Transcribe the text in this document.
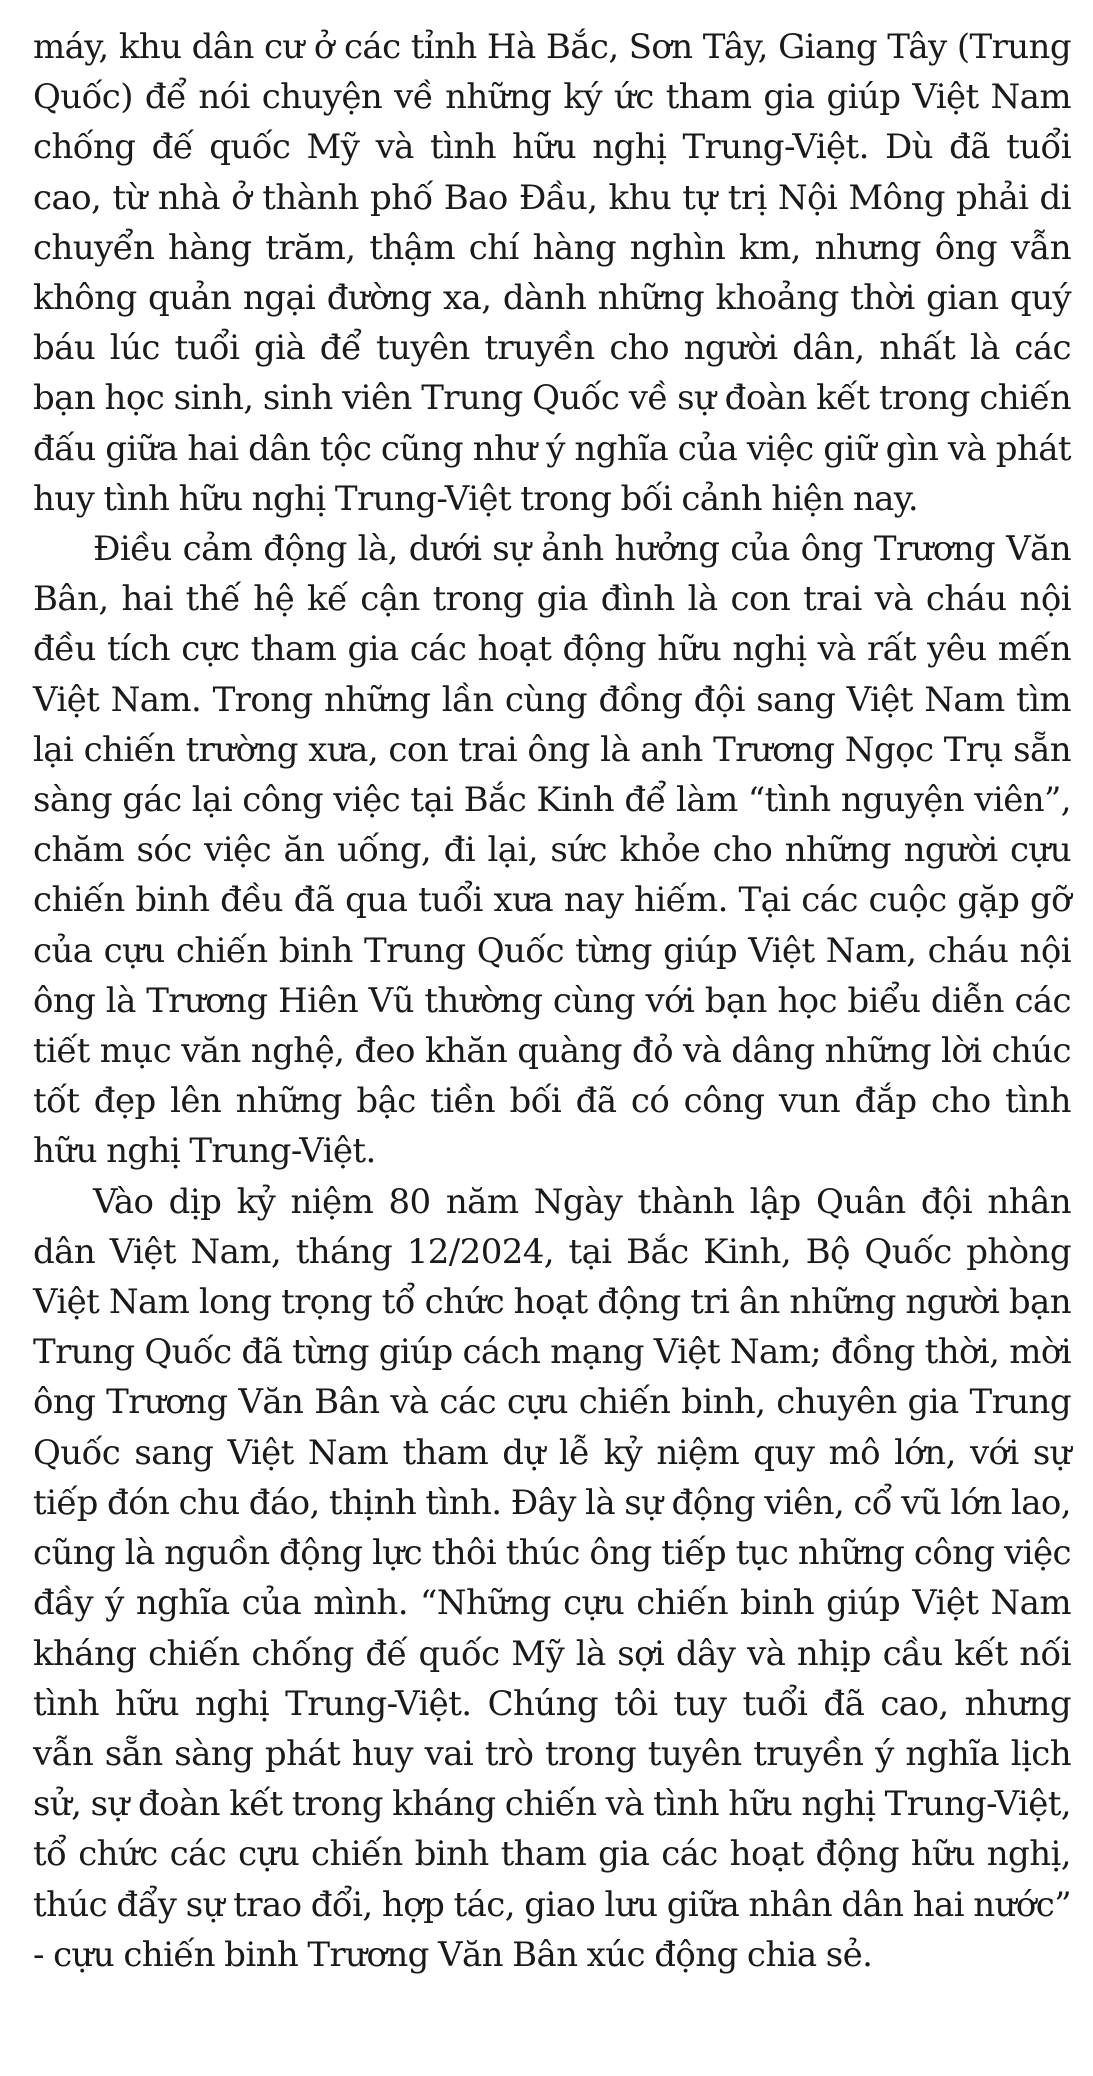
máy, khu dân cư ở các tỉnh Hà Bắc, Sơn Tây, Giang Tây (Trung Quốc) để nói chuyện về những ký ức tham gia giúp Việt Nam chống đế quốc Mỹ và tình hữu nghị Trung-Việt. Dù đã tuổi cao, từ nhà ở thành phố Bao Đầu, khu tự trị Nội Mông phải di chuyển hàng trăm, thậm chí hàng nghìn km, nhưng ông vẫn không quản ngại đường xa, dành những khoảng thời gian quý báu lúc tuổi già để tuyên truyền cho người dân, nhất là các bạn học sinh, sinh viên Trung Quốc về sự đoàn kết trong chiến đấu giữa hai dân tộc cũng như ý nghĩa của việc giữ gìn và phát huy tình hữu nghị Trung-Việt trong bối cảnh hiện nay.

Điều cảm động là, dưới sự ảnh hưởng của ông Trương Văn Bân, hai thế hệ kế cận trong gia đình là con trai và cháu nội đều tích cực tham gia các hoạt động hữu nghị và rất yêu mến Việt Nam. Trong những lần cùng đồng đội sang Việt Nam tìm lại chiến trường xưa, con trai ông là anh Trương Ngọc Trụ sẵn sàng gác lại công việc tại Bắc Kinh để làm “tình nguyện viên”, chăm sóc việc ăn uống, đi lại, sức khỏe cho những người cựu chiến binh đều đã qua tuổi xưa nay hiếm. Tại các cuộc gặp gỡ của cựu chiến binh Trung Quốc từng giúp Việt Nam, cháu nội ông là Trương Hiên Vũ thường cùng với bạn học biểu diễn các tiết mục văn nghệ, đeo khăn quàng đỏ và dâng những lời chúc tốt đẹp lên những bậc tiền bối đã có công vun đắp cho tình hữu nghị Trung-Việt.

Vào dịp kỷ niệm 80 năm Ngày thành lập Quân đội nhân dân Việt Nam, tháng 12/2024, tại Bắc Kinh, Bộ Quốc phòng Việt Nam long trọng tổ chức hoạt động tri ân những người bạn Trung Quốc đã từng giúp cách mạng Việt Nam; đồng thời, mời ông Trương Văn Bân và các cựu chiến binh, chuyên gia Trung Quốc sang Việt Nam tham dự lễ kỷ niệm quy mô lớn, với sự tiếp đón chu đáo, thịnh tình. Đây là sự động viên, cổ vũ lớn lao, cũng là nguồn động lực thôi thúc ông tiếp tục những công việc đầy ý nghĩa của mình. “Những cựu chiến binh giúp Việt Nam kháng chiến chống đế quốc Mỹ là sợi dây và nhịp cầu kết nối tình hữu nghị Trung-Việt. Chúng tôi tuy tuổi đã cao, nhưng vẫn sẵn sàng phát huy vai trò trong tuyên truyền ý nghĩa lịch sử, sự đoàn kết trong kháng chiến và tình hữu nghị Trung-Việt, tổ chức các cựu chiến binh tham gia các hoạt động hữu nghị, thúc đẩy sự trao đổi, hợp tác, giao lưu giữa nhân dân hai nước” - cựu chiến binh Trương Văn Bân xúc động chia sẻ.
